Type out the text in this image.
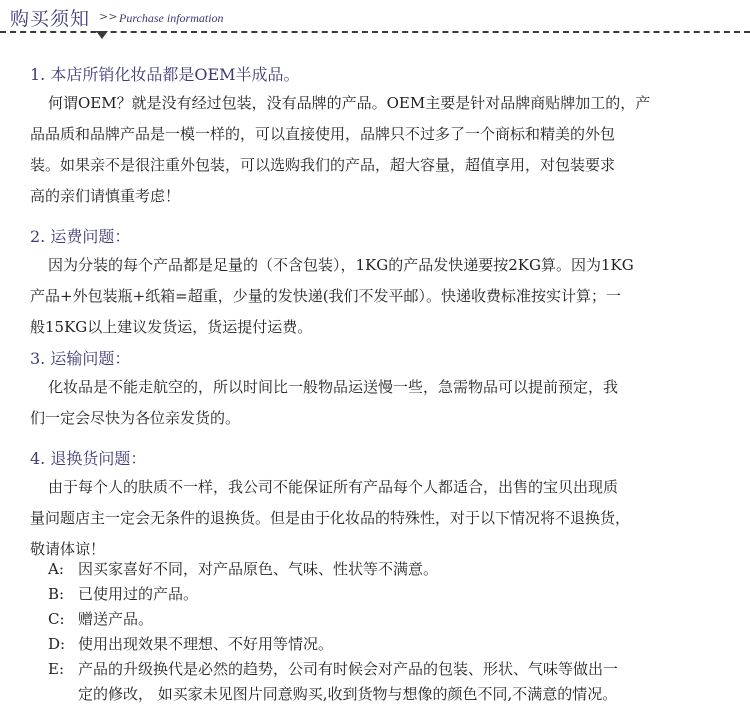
购买须知 >> Purchase information
1. 本店所销化妆品都是OEM半成品。
何谓OEM？就是没有经过包装，没有品牌的产品。OEM主要是针对品牌商贴牌加工的，产
品品质和品牌产品是一模一样的，可以直接使用，品牌只不过多了一个商标和精美的外包
装。如果亲不是很注重外包装，可以选购我们的产品，超大容量，超值享用，对包装要求
高的亲们请慎重考虑！
2. 运费问题：
因为分装的每个产品都是足量的（不含包装），1KG的产品发快递要按2KG算。因为1KG
产品+外包装瓶+纸箱=超重，少量的发快递(我们不发平邮）。快递收费标准按实计算；一
般15KG以上建议发货运，货运提付运费。
3. 运输问题：
化妆品是不能走航空的，所以时间比一般物品运送慢一些，急需物品可以提前预定，我
们一定会尽快为各位亲发货的。
4. 退换货问题：
由于每个人的肤质不一样，我公司不能保证所有产品每个人都适合，出售的宝贝出现质
量问题店主一定会无条件的退换货。但是由于化妆品的特殊性，对于以下情况将不退换货，
敬请体谅！
A: 因买家喜好不同，对产品原色、气味、性状等不满意。
B: 已使用过的产品。
C: 赠送产品。
D: 使用出现效果不理想、不好用等情况。
E: 产品的升级换代是必然的趋势，公司有时候会对产品的包装、形状、气味等做出一
定的修改， 如买家未见图片同意购买,收到货物与想像的颜色不同,不满意的情况。
